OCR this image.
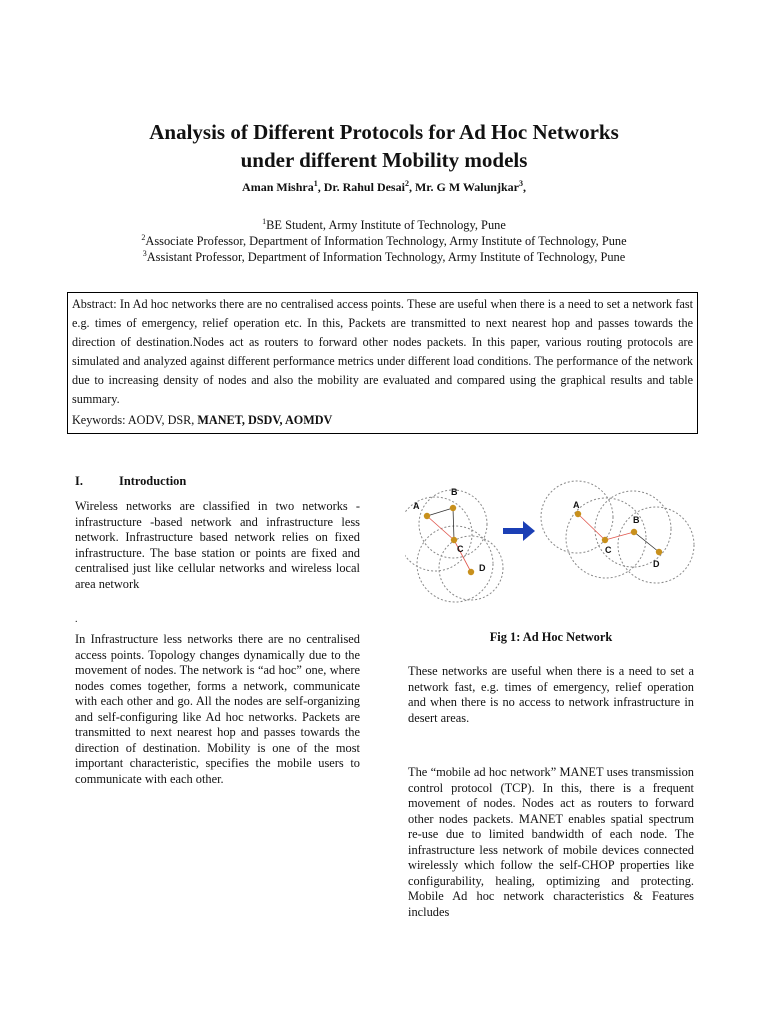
Analysis of Different Protocols for Ad Hoc Networks
under different Mobility models
Aman Mishra$^1$, Dr. Rahul Desai$^2$, Mr. G M Walunjkar$^3$,
$^1$BE Student, Army Institute of Technology, Pune
$^2$Associate Professor, Department of Information Technology, Army Institute of Technology, Pune
$^3$Assistant Professor, Department of Information Technology, Army Institute of Technology, Pune
Abstract: In Ad hoc networks there are no centralised access points. These are useful when there is a need to set a network fast e.g. times of emergency, relief operation etc. In this, Packets are transmitted to next nearest hop and passes towards the direction of destination.Nodes act as routers to forward other nodes packets. In this paper, various routing protocols are simulated and analyzed against different performance metrics under different load conditions. The performance of the network due to increasing density of nodes and also the mobility are evaluated and compared using the graphical results and table summary.
Keywords: AODV, DSR, MANET, DSDV, AOMDV
I.	Introduction

Wireless networks are classified in two networks - infrastructure -based network and infrastructure less network. Infrastructure based network relies on fixed infrastructure. The base station or points are fixed and centralised just like cellular networks and wireless local area network

.

In Infrastructure less networks there are no centralised access points. Topology changes dynamically due to the movement of nodes. The network is “ad hoc” one, where nodes comes together, forms a network, communicate with each other and go. All the nodes are self-organizing and self-configuring like Ad hoc networks. Packets are transmitted to next nearest hop and passes towards the direction of destination. Mobility is one of the most important characteristic, specifies the mobile users to communicate with each other.

A
B
C
D
A
B
C
D
Fig 1: Ad Hoc Network

These networks are useful when there is a need to set a network fast, e.g. times of emergency, relief operation and when there is no access to network infrastructure in desert areas.

The “mobile ad hoc network” MANET uses transmission control protocol (TCP). In this, there is a frequent movement of nodes. Nodes act as routers to forward other nodes packets. MANET enables spatial spectrum re-use due to limited bandwidth of each node. The infrastructure less network of mobile devices connected wirelessly which follow the self-CHOP properties like configurability, healing, optimizing and protecting. Mobile Ad hoc network characteristics & Features includes
